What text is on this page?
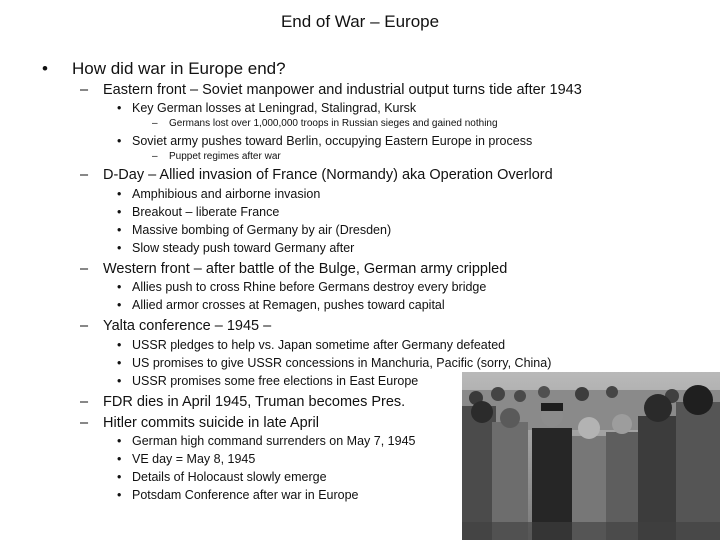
End of War – Europe
• How did war in Europe end?
– Eastern front – Soviet manpower and industrial output turns tide after 1943
• Key German losses at Leningrad, Stalingrad, Kursk
– Germans lost over 1,000,000 troops in Russian sieges and gained nothing
• Soviet army pushes toward Berlin, occupying Eastern Europe in process
– Puppet regimes after war
– D-Day – Allied invasion of France (Normandy) aka Operation Overlord
• Amphibious and airborne invasion
• Breakout – liberate France
• Massive bombing of Germany by air (Dresden)
• Slow steady push toward Germany after
– Western front – after battle of the Bulge, German army crippled
• Allies push to cross Rhine before Germans destroy every bridge
• Allied armor crosses at Remagen, pushes toward capital
– Yalta conference – 1945 –
• USSR pledges to help vs. Japan sometime after Germany defeated
• US promises to give USSR concessions in Manchuria, Pacific (sorry, China)
• USSR promises some free elections in East Europe
– FDR dies in April 1945, Truman becomes Pres.
– Hitler commits suicide in late April
• German high command surrenders on May 7, 1945
• VE day = May 8, 1945
• Details of Holocaust slowly emerge
• Potsdam Conference after war in Europe
